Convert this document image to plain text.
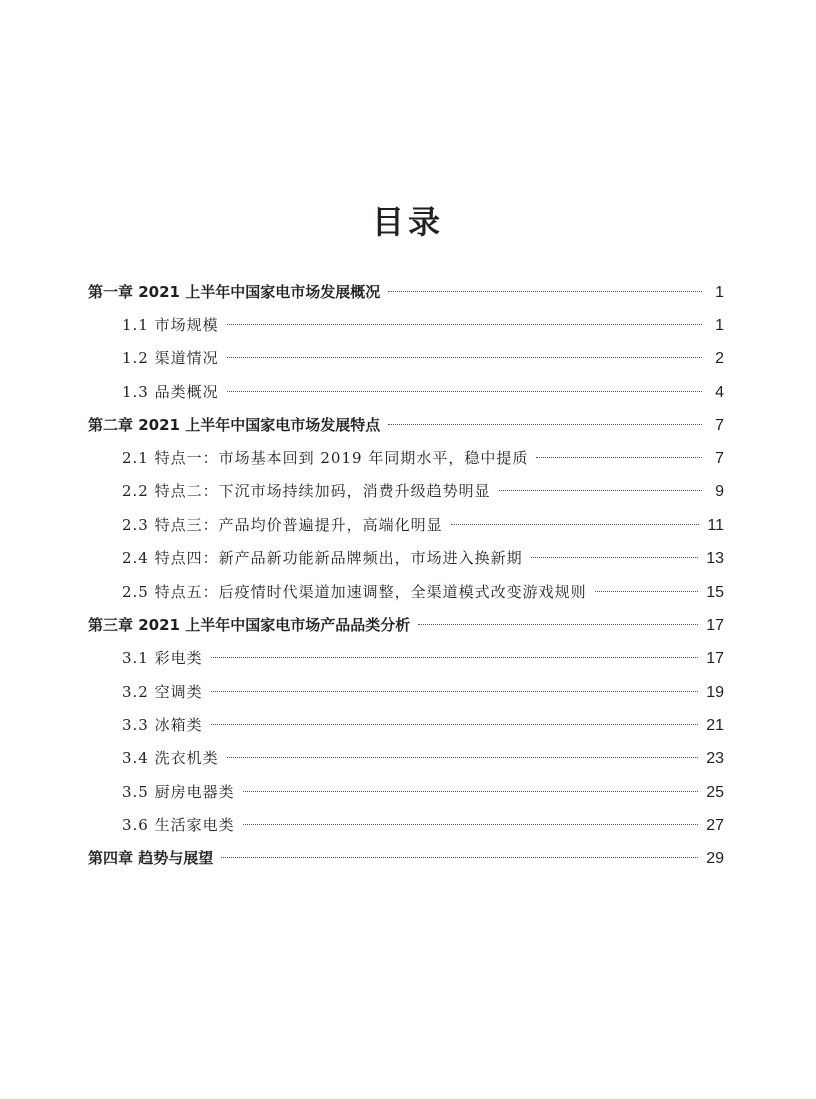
目录
第一章 2021 上半年中国家电市场发展概况	1
1.1 市场规模	1
1.2 渠道情况	2
1.3 品类概况	4
第二章 2021 上半年中国家电市场发展特点	7
2.1 特点一：市场基本回到 2019 年同期水平，稳中提质	7
2.2 特点二：下沉市场持续加码，消费升级趋势明显	9
2.3 特点三：产品均价普遍提升，高端化明显	11
2.4 特点四：新产品新功能新品牌频出，市场进入换新期	13
2.5 特点五：后疫情时代渠道加速调整，全渠道模式改变游戏规则	15
第三章 2021 上半年中国家电市场产品品类分析	17
3.1 彩电类	17
3.2 空调类	19
3.3 冰箱类	21
3.4 洗衣机类	23
3.5 厨房电器类	25
3.6 生活家电类	27
第四章 趋势与展望	29
